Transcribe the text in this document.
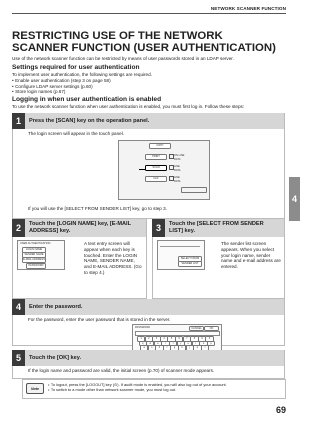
NETWORK SCANNER FUNCTION
4
RESTRICTING USE OF THE NETWORK SCANNER FUNCTION (USER AUTHENTICATION)
Use of the network scanner function can be restricted by means of user passwords stored in an LDAP server.
Settings required for user authentication
To implement user authentication, the following settings are required.
• Enable user authentication (step 3 on page 58)
• Configure LDAP server settings (p.60)
• Store login names (p.67)
Logging in when user authentication is enabled
To use the network scanner function when user authentication is enabled, you must first log in. Follow these steps:
1	Press the [SCAN] key on the operation panel.
The login screen will appear in the touch panel.
COPY
PRINT
SCAN
FAX
ON LINE
DATA
LINE
DATA
LINE
DATA
If you will use the [SELECT FROM SENDER LIST] key, go to step 3.
2	Touch the [LOGIN NAME] key, [E-MAIL ADDRESS] key.
USER AUTHENTICATION
LOGIN NAME
SENDER NAME
E-MAIL ADDRESS
PASSWORD
A text entry screen will appear when each key is touched. Enter the LOGIN NAME, SENDER NAME, and E-MAIL ADDRESS. (Go to step 4.)
3	Touch the [SELECT FROM SENDER LIST] key.
SELECT FROM
SENDER LIST
The sender list screen appears. When you select your login name, sender name and e-mail address are entered.
4	Enter the password.
For the password, enter the user password that is stored in the server.
PASSWORD	CANCEL	OK
1	2	3	4	5	6	7	8	9	0
q	w	e	r	t	y	u	i	o	p
a	s	d	f	g	h	j	k	l
5	Touch the [OK] key.
If the login name and password are valid, the initial screen (p.70) of scanner mode appears.
Note
• To logout, press the [LOGOUT] key (⊙). If audit mode is enabled, you will also log out of your account.
• To switch to a mode other than network scanner mode, you must log out.
69
